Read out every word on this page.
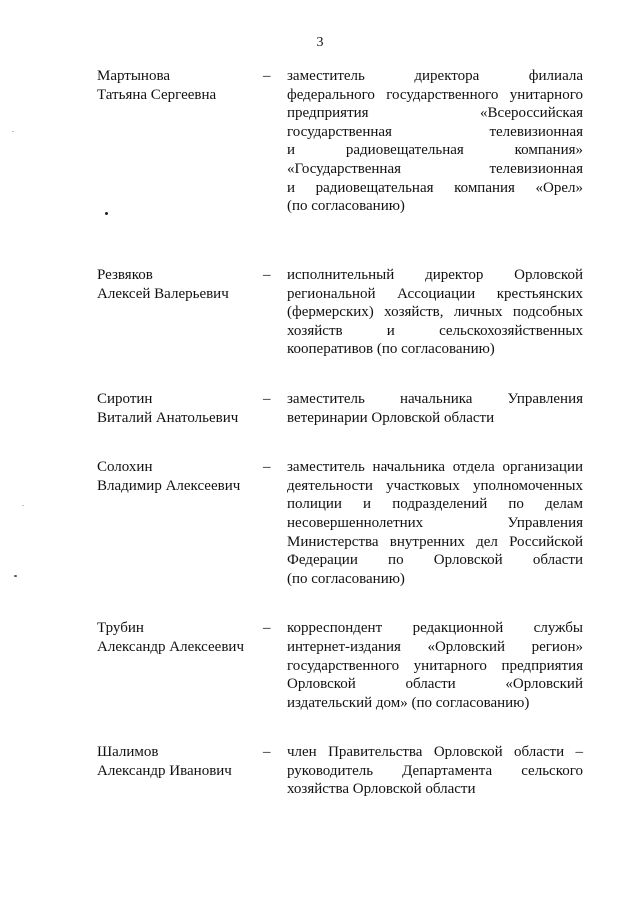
3
Мартынова
Татьяна Сергеевна
– заместитель директора филиала
федерального государственного унитарного
предприятия «Всероссийская
государственная телевизионная
и радиовещательная компания»
«Государственная телевизионная
и радиовещательная компания «Орел»
(по согласованию)
Резвяков
Алексей Валерьевич
– исполнительный директор Орловской
региональной Ассоциации крестьянских
(фермерских) хозяйств, личных подсобных
хозяйств и сельскохозяйственных
кооперативов (по согласованию)
Сиротин
Виталий Анатольевич
– заместитель начальника Управления
ветеринарии Орловской области
Солохин
Владимир Алексеевич
– заместитель начальника отдела организации
деятельности участковых уполномоченных
полиции и подразделений по делам
несовершеннолетних Управления
Министерства внутренних дел Российской
Федерации по Орловской области
(по согласованию)
Трубин
Александр Алексеевич
– корреспондент редакционной службы
интернет-издания «Орловский регион»
государственного унитарного предприятия
Орловской области «Орловский
издательский дом» (по согласованию)
Шалимов
Александр Иванович
– член Правительства Орловской области –
руководитель Департамента сельского
хозяйства Орловской области
